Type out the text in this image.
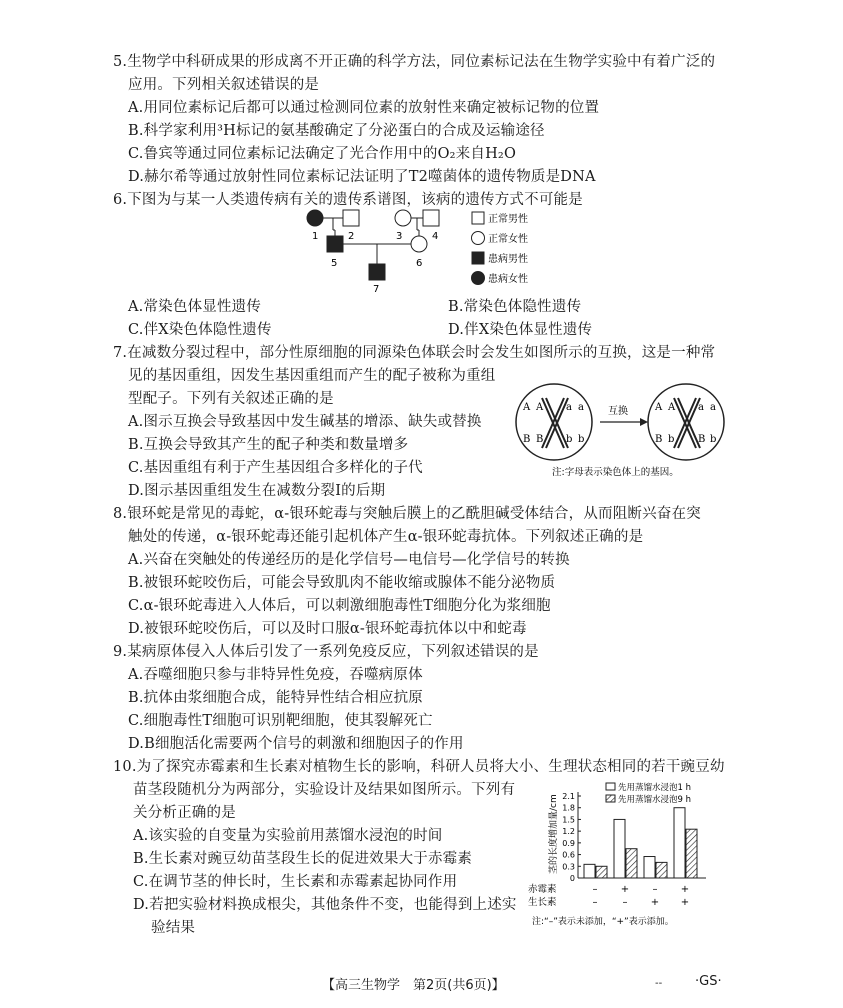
5.生物学中科研成果的形成离不开正确的科学方法，同位素标记法在生物学实验中有着广泛的
应用。下列相关叙述错误的是
A.用同位素标记后都可以通过检测同位素的放射性来确定被标记物的位置
B.科学家利用³H标记的氨基酸确定了分泌蛋白的合成及运输途径
C.鲁宾等通过同位素标记法确定了光合作用中的O₂来自H₂O
D.赫尔希等通过放射性同位素标记法证明了T2噬菌体的遗传物质是DNA
6.下图为与某一人类遗传病有关的遗传系谱图，该病的遗传方式不可能是
1	2	3	4
5	6
7
正常男性
正常女性
患病男性
患病女性
A.常染色体显性遗传	B.常染色体隐性遗传
C.伴X染色体隐性遗传	D.伴X染色体显性遗传
7.在减数分裂过程中，部分性原细胞的同源染色体联会时会发生如图所示的互换，这是一种常
见的基因重组，因发生基因重组而产生的配子被称为重组
型配子。下列有关叙述正确的是
A.图示互换会导致基因中发生碱基的增添、缺失或替换
B.互换会导致其产生的配子种类和数量增多
C.基因重组有利于产生基因组合多样化的子代
D.图示基因重组发生在减数分裂Ⅰ的后期
A A a a
B B b b
互换	A A a a
B b B b
注:字母表示染色体上的基因。
8.银环蛇是常见的毒蛇，α-银环蛇毒与突触后膜上的乙酰胆碱受体结合，从而阻断兴奋在突
触处的传递，α-银环蛇毒还能引起机体产生α-银环蛇毒抗体。下列叙述正确的是
A.兴奋在突触处的传递经历的是化学信号—电信号—化学信号的转换
B.被银环蛇咬伤后，可能会导致肌肉不能收缩或腺体不能分泌物质
C.α-银环蛇毒进入人体后，可以刺激细胞毒性T细胞分化为浆细胞
D.被银环蛇咬伤后，可以及时口服α-银环蛇毒抗体以中和蛇毒
9.某病原体侵入人体后引发了一系列免疫反应，下列叙述错误的是
A.吞噬细胞只参与非特异性免疫，吞噬病原体
B.抗体由浆细胞合成，能特异性结合相应抗原
C.细胞毒性T细胞可识别靶细胞，使其裂解死亡
D.B细胞活化需要两个信号的刺激和细胞因子的作用
10.为了探究赤霉素和生长素对植物生长的影响，科研人员将大小、生理状态相同的若干豌豆幼
苗茎段随机分为两部分，实验设计及结果如图所示。下列有
关分析正确的是
A.该实验的自变量为实验前用蒸馏水浸泡的时间
B.生长素对豌豆幼苗茎段生长的促进效果大于赤霉素
C.在调节茎的伸长时，生长素和赤霉素起协同作用
D.若把实验材料换成根尖，其他条件不变，也能得到上述实
验结果
0
0.3
0.6
0.9
1.2
1.5
1.8
2.1
茎的长度增加量/cm
先用蒸馏水浸泡1 h
先用蒸馏水浸泡9 h
赤霉素	– + – +
生长素	–	– + +
注:“–”表示未添加，“+”表示添加。
【高三生物学　第2页(共6页)】	--	·GS·
